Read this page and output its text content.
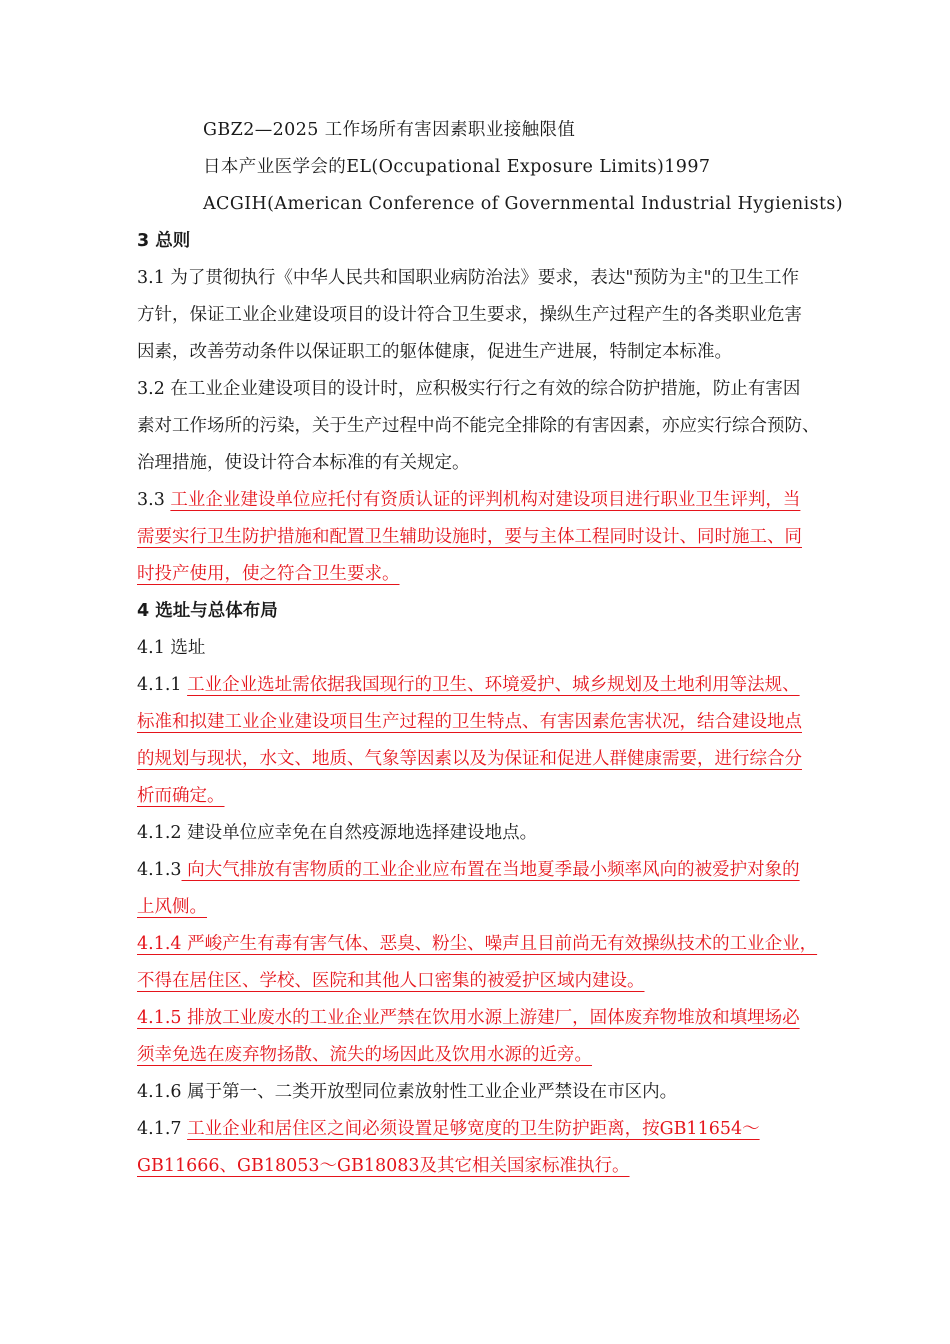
GBZ2—2025 工作场所有害因素职业接触限值
日本产业医学会的EL(Occupational Exposure Limits)1997
ACGIH(American Conference of Governmental Industrial Hygienists)
3 总则
3.1 为了贯彻执行《中华人民共和国职业病防治法》要求，表达"预防为主"的卫生工作
方针，保证工业企业建设项目的设计符合卫生要求，操纵生产过程产生的各类职业危害
因素，改善劳动条件以保证职工的躯体健康，促进生产进展，特制定本标准。
3.2 在工业企业建设项目的设计时，应积极实行行之有效的综合防护措施，防止有害因
素对工作场所的污染，关于生产过程中尚不能完全排除的有害因素，亦应实行综合预防、
治理措施，使设计符合本标准的有关规定。
3.3 工业企业建设单位应托付有资质认证的评判机构对建设项目进行职业卫生评判，当
需要实行卫生防护措施和配置卫生辅助设施时，要与主体工程同时设计、同时施工、同
时投产使用，使之符合卫生要求。
4 选址与总体布局
4.1 选址
4.1.1 工业企业选址需依据我国现行的卫生、环境爱护、城乡规划及土地利用等法规、
标准和拟建工业企业建设项目生产过程的卫生特点、有害因素危害状况，结合建设地点
的规划与现状，水文、地质、气象等因素以及为保证和促进人群健康需要，进行综合分
析而确定。
4.1.2 建设单位应幸免在自然疫源地选择建设地点。
4.1.3 向大气排放有害物质的工业企业应布置在当地夏季最小频率风向的被爱护对象的
上风侧。
4.1.4 严峻产生有毒有害气体、恶臭、粉尘、噪声且目前尚无有效操纵技术的工业企业，
不得在居住区、学校、医院和其他人口密集的被爱护区域内建设。
4.1.5 排放工业废水的工业企业严禁在饮用水源上游建厂，固体废弃物堆放和填埋场必
须幸免选在废弃物扬散、流失的场因此及饮用水源的近旁。
4.1.6 属于第一、二类开放型同位素放射性工业企业严禁设在市区内。
4.1.7 工业企业和居住区之间必须设置足够宽度的卫生防护距离，按GB11654～
GB11666、GB18053～GB18083及其它相关国家标准执行。
